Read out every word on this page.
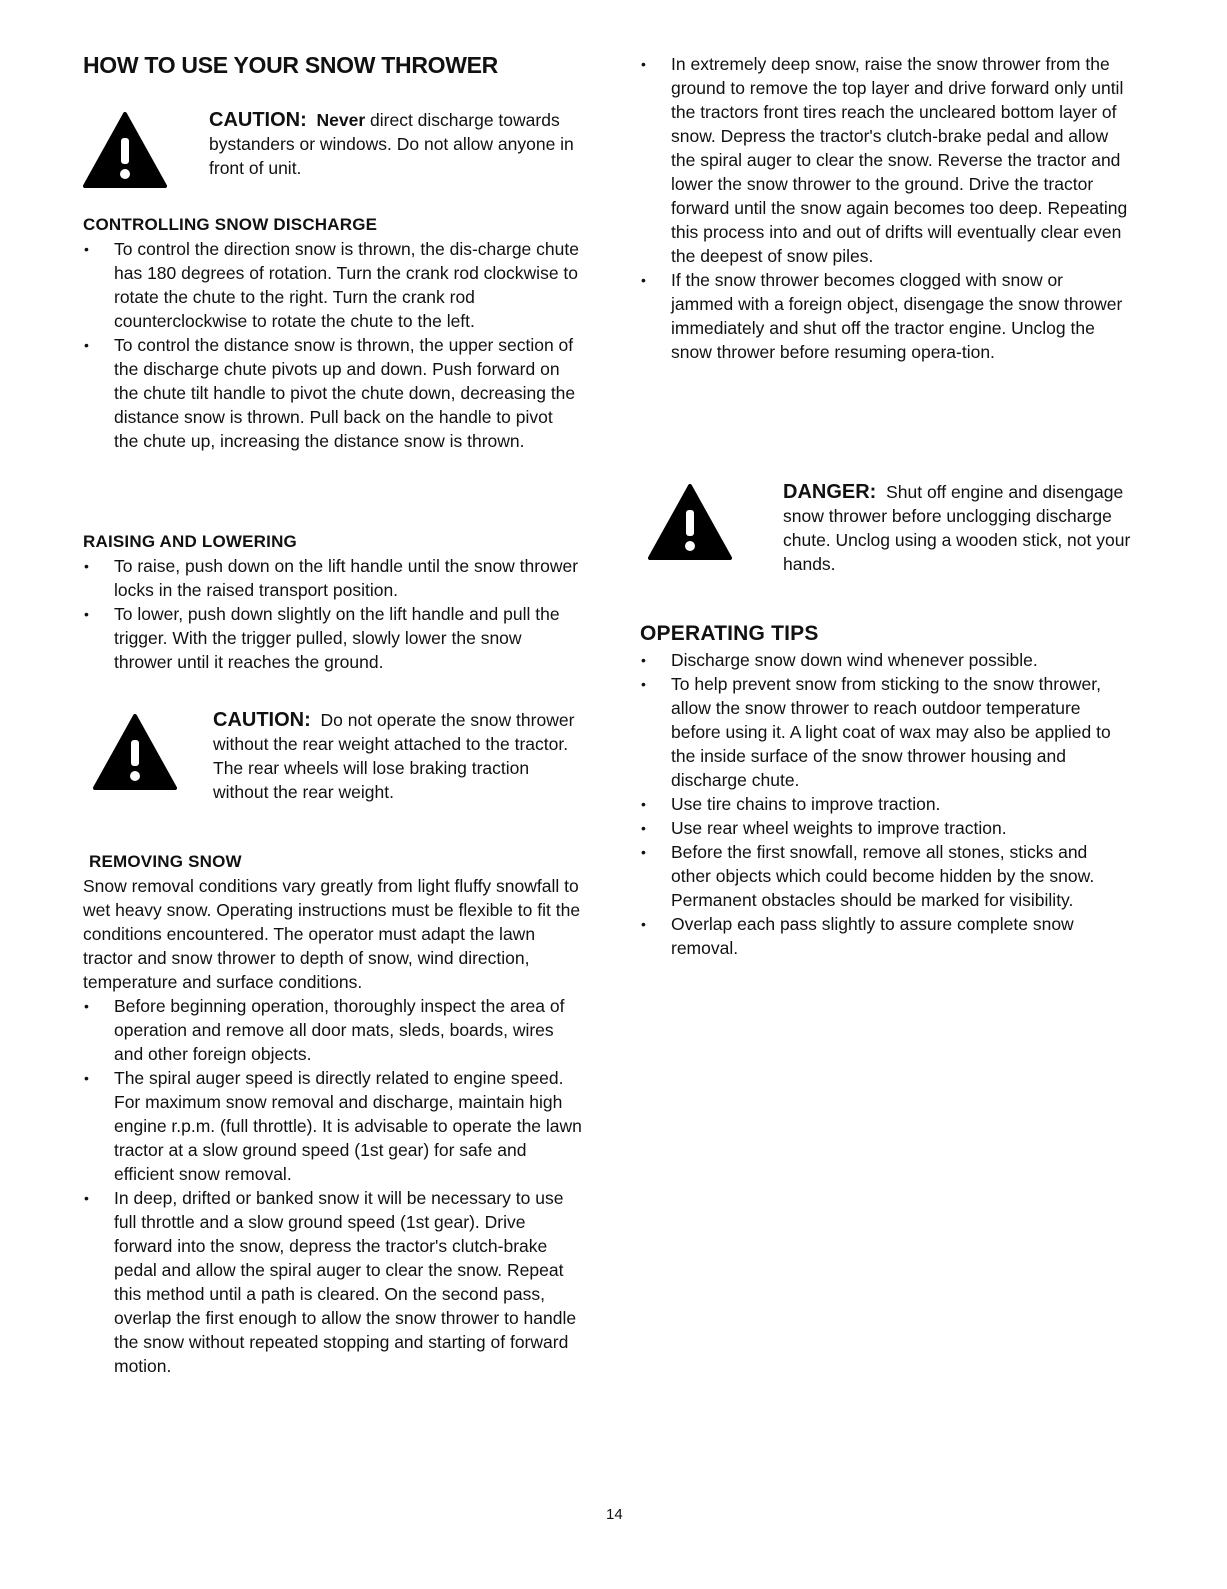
HOW TO USE YOUR SNOW THROWER
CAUTION: Never direct discharge towards bystanders or windows. Do not allow anyone in front of unit.
CONTROLLING SNOW DISCHARGE
• To control the direction snow is thrown, the dis-charge chute has 180 degrees of rotation. Turn the crank rod clockwise to rotate the chute to the right. Turn the crank rod counterclockwise to rotate the chute to the left.
• To control the distance snow is thrown, the upper section of the discharge chute pivots up and down. Push forward on the chute tilt handle to pivot the chute down, decreasing the distance snow is thrown. Pull back on the handle to pivot the chute up, increasing the distance snow is thrown.
RAISING AND LOWERING
• To raise, push down on the lift handle until the snow thrower locks in the raised transport position.
• To lower, push down slightly on the lift handle and pull the trigger. With the trigger pulled, slowly lower the snow thrower until it reaches the ground.
CAUTION: Do not operate the snow thrower without the rear weight attached to the tractor. The rear wheels will lose braking traction without the rear weight.
REMOVING SNOW

Snow removal conditions vary greatly from light fluffy snowfall to wet heavy snow. Operating instructions must be flexible to fit the conditions encountered. The operator must adapt the lawn tractor and snow thrower to depth of snow, wind direction, temperature and surface conditions.

• Before beginning operation, thoroughly inspect the area of operation and remove all door mats, sleds, boards, wires and other foreign objects.
• The spiral auger speed is directly related to engine speed. For maximum snow removal and discharge, maintain high engine r.p.m. (full throttle). It is advisable to operate the lawn tractor at a slow ground speed (1st gear) for safe and efficient snow removal.
• In deep, drifted or banked snow it will be necessary to use full throttle and a slow ground speed (1st gear). Drive forward into the snow, depress the tractor's clutch-brake pedal and allow the spiral auger to clear the snow. Repeat this method until a path is cleared. On the second pass, overlap the first enough to allow the snow thrower to handle the snow without repeated stopping and starting of forward motion.
• In extremely deep snow, raise the snow thrower from the ground to remove the top layer and drive forward only until the tractors front tires reach the uncleared bottom layer of snow. Depress the tractor's clutch-brake pedal and allow the spiral auger to clear the snow. Reverse the tractor and lower the snow thrower to the ground. Drive the tractor forward until the snow again becomes too deep. Repeating this process into and out of drifts will eventually clear even the deepest of snow piles.
• If the snow thrower becomes clogged with snow or jammed with a foreign object, disengage the snow thrower immediately and shut off the tractor engine. Unclog the snow thrower before resuming opera-tion.
DANGER: Shut off engine and disengage snow thrower before unclogging discharge chute. Unclog using a wooden stick, not your hands.
OPERATING TIPS
• Discharge snow down wind whenever possible.
• To help prevent snow from sticking to the snow thrower, allow the snow thrower to reach outdoor temperature before using it. A light coat of wax may also be applied to the inside surface of the snow thrower housing and discharge chute.
• Use tire chains to improve traction.
• Use rear wheel weights to improve traction.
• Before the first snowfall, remove all stones, sticks and other objects which could become hidden by the snow. Permanent obstacles should be marked for visibility.
• Overlap each pass slightly to assure complete snow removal.
14
